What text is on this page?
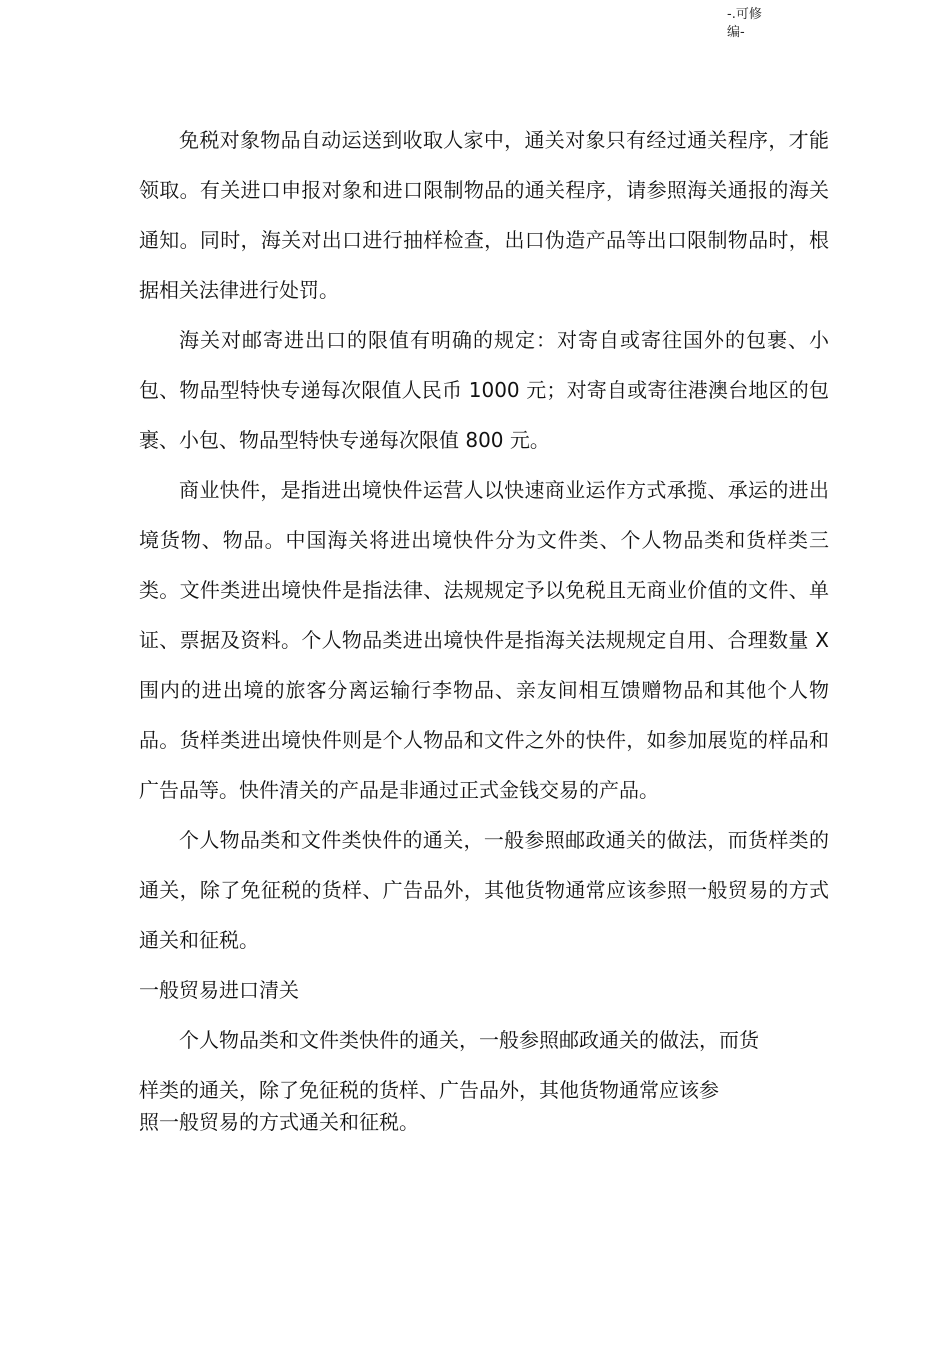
-.可修
编-

免税对象物品自动运送到收取人家中，通关对象只有经过通关程序，才能领取。有关进口申报对象和进口限制物品的通关程序，请参照海关通报的海关通知。同时，海关对出口进行抽样检查，出口伪造产品等出口限制物品时，根据相关法律进行处罚。

海关对邮寄进出口的限值有明确的规定：对寄自或寄往国外的包裹、小包、物品型特快专递每次限值人民币 1000 元；对寄自或寄往港澳台地区的包裹、小包、物品型特快专递每次限值 800 元。

商业快件，是指进出境快件运营人以快速商业运作方式承揽、承运的进出境货物、物品。中国海关将进出境快件分为文件类、个人物品类和货样类三类。文件类进出境快件是指法律、法规规定予以免税且无商业价值的文件、单证、票据及资料。个人物品类进出境快件是指海关法规规定自用、合理数量 X 围内的进出境的旅客分离运输行李物品、亲友间相互馈赠物品和其他个人物品。货样类进出境快件则是个人物品和文件之外的快件，如参加展览的样品和广告品等。快件清关的产品是非通过正式金钱交易的产品。

个人物品类和文件类快件的通关，一般参照邮政通关的做法，而货样类的通关，除了免征税的货样、广告品外，其他货物通常应该参照一般贸易的方式通关和征税。

一般贸易进口清关

个人物品类和文件类快件的通关，一般参照邮政通关的做法，而货
样类的通关，除了免征税的货样、广告品外，其他货物通常应该参
照一般贸易的方式通关和征税。
